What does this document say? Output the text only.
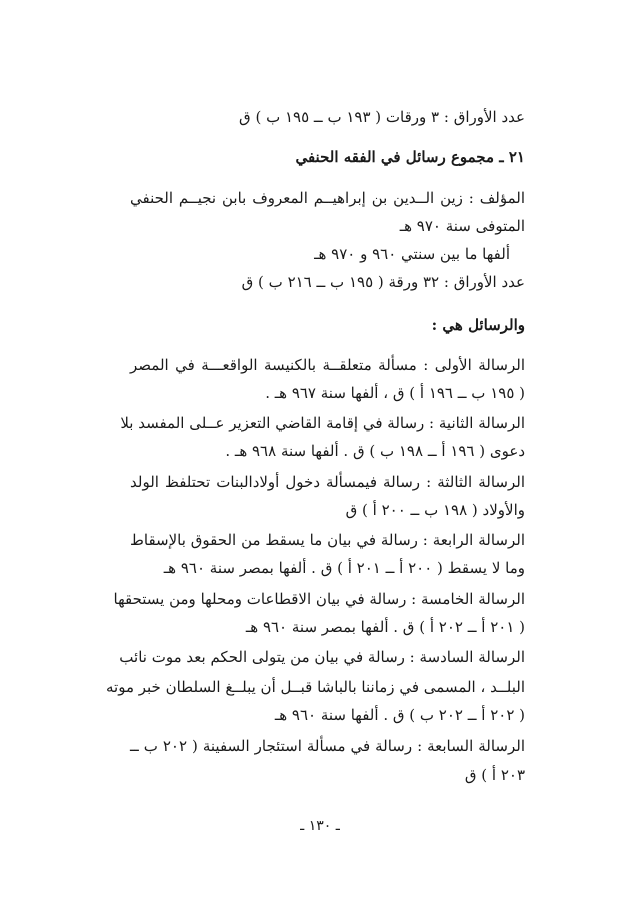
عدد الأوراق : ٣ ورقات ( ١٩٣ ب ــ ١٩٥ ب ) ق
٢١ ـ مجموع رسائل في الفقه الحنفي
المؤلف : زين الــدين بن إبراهيــم المعروف بابن نجيــم الحنفي
المتوفى سنة ٩٧٠ هـ
ألفها ما بين سنتي ٩٦٠ و ٩٧٠ هـ
عدد الأوراق : ٣٢ ورقة ( ١٩٥ ب ــ ٢١٦ ب ) ق
والرسائل هي :
الرسالة الأولى : مسألة متعلقــة بالكنيسة الواقعـــة في المصر
( ١٩٥ ب ــ ١٩٦ أ ) ق ، ألفها سنة ٩٦٧ هـ .
الرسالة الثانية : رسالة في إقامة القاضي التعزير عــلى المفسد بلا
دعوى ( ١٩٦ أ ــ ١٩٨ ب ) ق . ألفها سنة ٩٦٨ هـ .
الرسالة الثالثة : رسالة فيمسألة دخول أولادالبنات تحتلفظ الولد
والأولاد ( ١٩٨ ب ــ ٢٠٠ أ ) ق
الرسالة الرابعة : رسالة في بيان ما يسقط من الحقوق بالإسقاط
وما لا يسقط ( ٢٠٠ أ ــ ٢٠١ أ ) ق . ألفها بمصر سنة ٩٦٠ هـ
الرسالة الخامسة : رسالة في بيان الاقطاعات ومحلها ومن يستحقها
( ٢٠١ أ ــ ٢٠٢ أ ) ق . ألفها بمصر سنة ٩٦٠ هـ
الرسالة السادسة : رسالة في بيان من يتولى الحكم بعد موت نائب
البلــد ، المسمى في زماننا بالباشا قبــل أن يبلــغ السلطان خبر موته
( ٢٠٢ أ ــ ٢٠٢ ب ) ق . ألفها سنة ٩٦٠ هـ
الرسالة السابعة : رسالة في مسألة استئجار السفينة ( ٢٠٢ ب ــ
٢٠٣ أ ) ق
ـ ١٣٠ ـ
